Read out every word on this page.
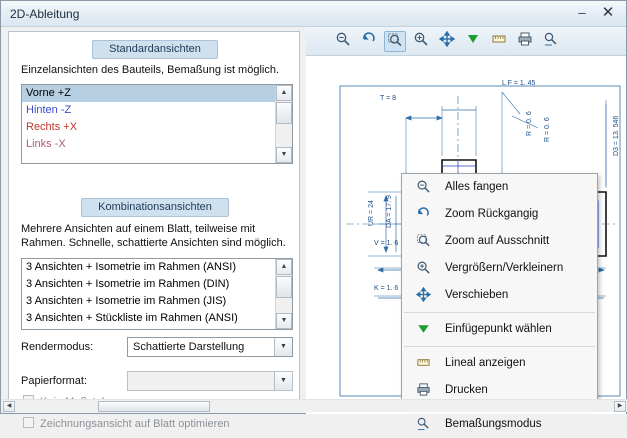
2D-Ableitung	–	✕
Standardansichten
Einzelansichten des Bauteils, Bemaßung ist möglich.
Vorne +Z
Hinten -Z
Rechts +X
Links -X
▲
▼
Kombinationsansichten
Mehrere Ansichten auf einem Blatt, teilweise mit Rahmen. Schnelle, schattierte Ansichten sind möglich.
3 Ansichten + Isometrie im Rahmen (ANSI)
3 Ansichten + Isometrie im Rahmen (DIN)
3 Ansichten + Isometrie im Rahmen (JIS)
3 Ansichten + Stückliste im Rahmen (ANSI)
▲
▼
Rendermodus:	Schattierte Darstellung	▼
Papierformat:	▼
Zeichnungsansicht auf Blatt optimieren
L F = 1. 45
T = 8
R = 0. 6 R = 0. 6	D3 = 13. 546
UR = 24 DA = 17. 9
V = 1. 6
K = 1. 6
Alles fangen
Zoom Rückgangig
Zoom auf Ausschnitt
Vergrößern/Verkleinern
Verschieben
Einfügepunkt wählen
Lineal anzeigen
Drucken
Bemaßungsmodus
◀	▶
